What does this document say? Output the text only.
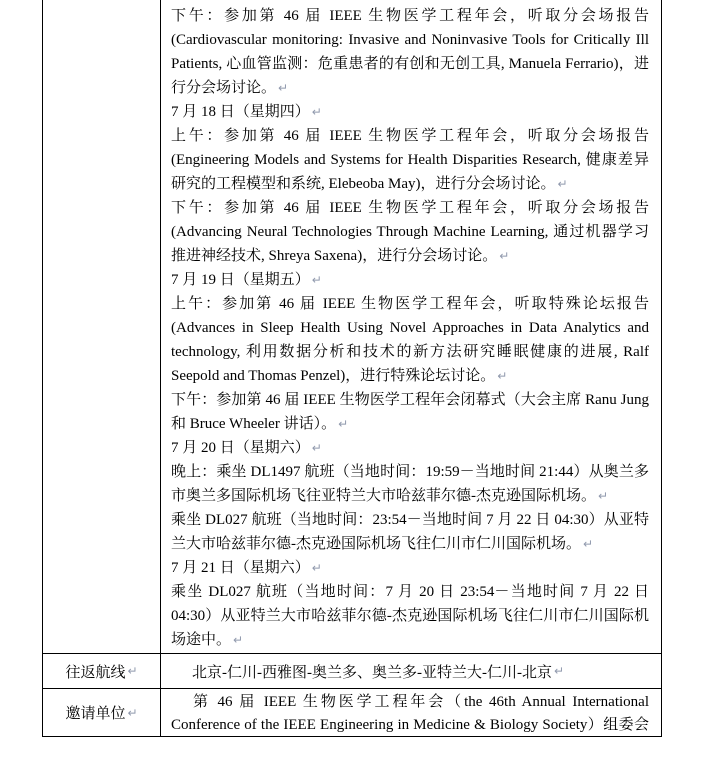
下午：参加第 46 届 IEEE 生物医学工程年会，听取分会场报告(Cardiovascular monitoring: Invasive and Noninvasive Tools for Critically Ill Patients, 心血管监测：危重患者的有创和无创工具, Manuela Ferrario)，进行分会场讨论。 ↵

7 月 18 日（星期四） ↵

上午：参加第 46 届 IEEE 生物医学工程年会，听取分会场报告(Engineering Models and Systems for Health Disparities Research, 健康差异研究的工程模型和系统, Elebeoba May)，进行分会场讨论。 ↵

下午：参加第 46 届 IEEE 生物医学工程年会，听取分会场报告(Advancing Neural Technologies Through Machine Learning, 通过机器学习推进神经技术, Shreya Saxena)，进行分会场讨论。 ↵

7 月 19 日（星期五） ↵

上午：参加第 46 届 IEEE 生物医学工程年会，听取特殊论坛报告(Advances in Sleep Health Using Novel Approaches in Data Analytics and technology, 利用数据分析和技术的新方法研究睡眠健康的进展, Ralf Seepold and Thomas Penzel)，进行特殊论坛讨论。 ↵

下午：参加第 46 届 IEEE 生物医学工程年会闭幕式（大会主席 Ranu Jung 和 Bruce Wheeler 讲话）。 ↵

7 月 20 日（星期六） ↵

晚上：乘坐 DL1497 航班（当地时间：19:59－当地时间 21:44）从奥兰多市奥兰多国际机场飞往亚特兰大市哈兹菲尔德-杰克逊国际机场。 ↵

乘坐 DL027 航班（当地时间：23:54－当地时间 7 月 22 日 04:30）从亚特兰大市哈兹菲尔德-杰克逊国际机场飞往仁川市仁川国际机场。 ↵

7 月 21 日（星期六） ↵

乘坐 DL027 航班（当地时间：7 月 20 日 23:54－当地时间 7 月 22 日 04:30）从亚特兰大市哈兹菲尔德-杰克逊国际机场飞往仁川市仁川国际机场途中。 ↵

往返航线 ↵	北京-仁川-西雅图-奥兰多、奥兰多-亚特兰大-仁川-北京 ↵
邀请单位 ↵
第 46 届 IEEE 生物医学工程年会（the 46th Annual International Conference of the IEEE Engineering in Medicine & Biology Society）组委会
